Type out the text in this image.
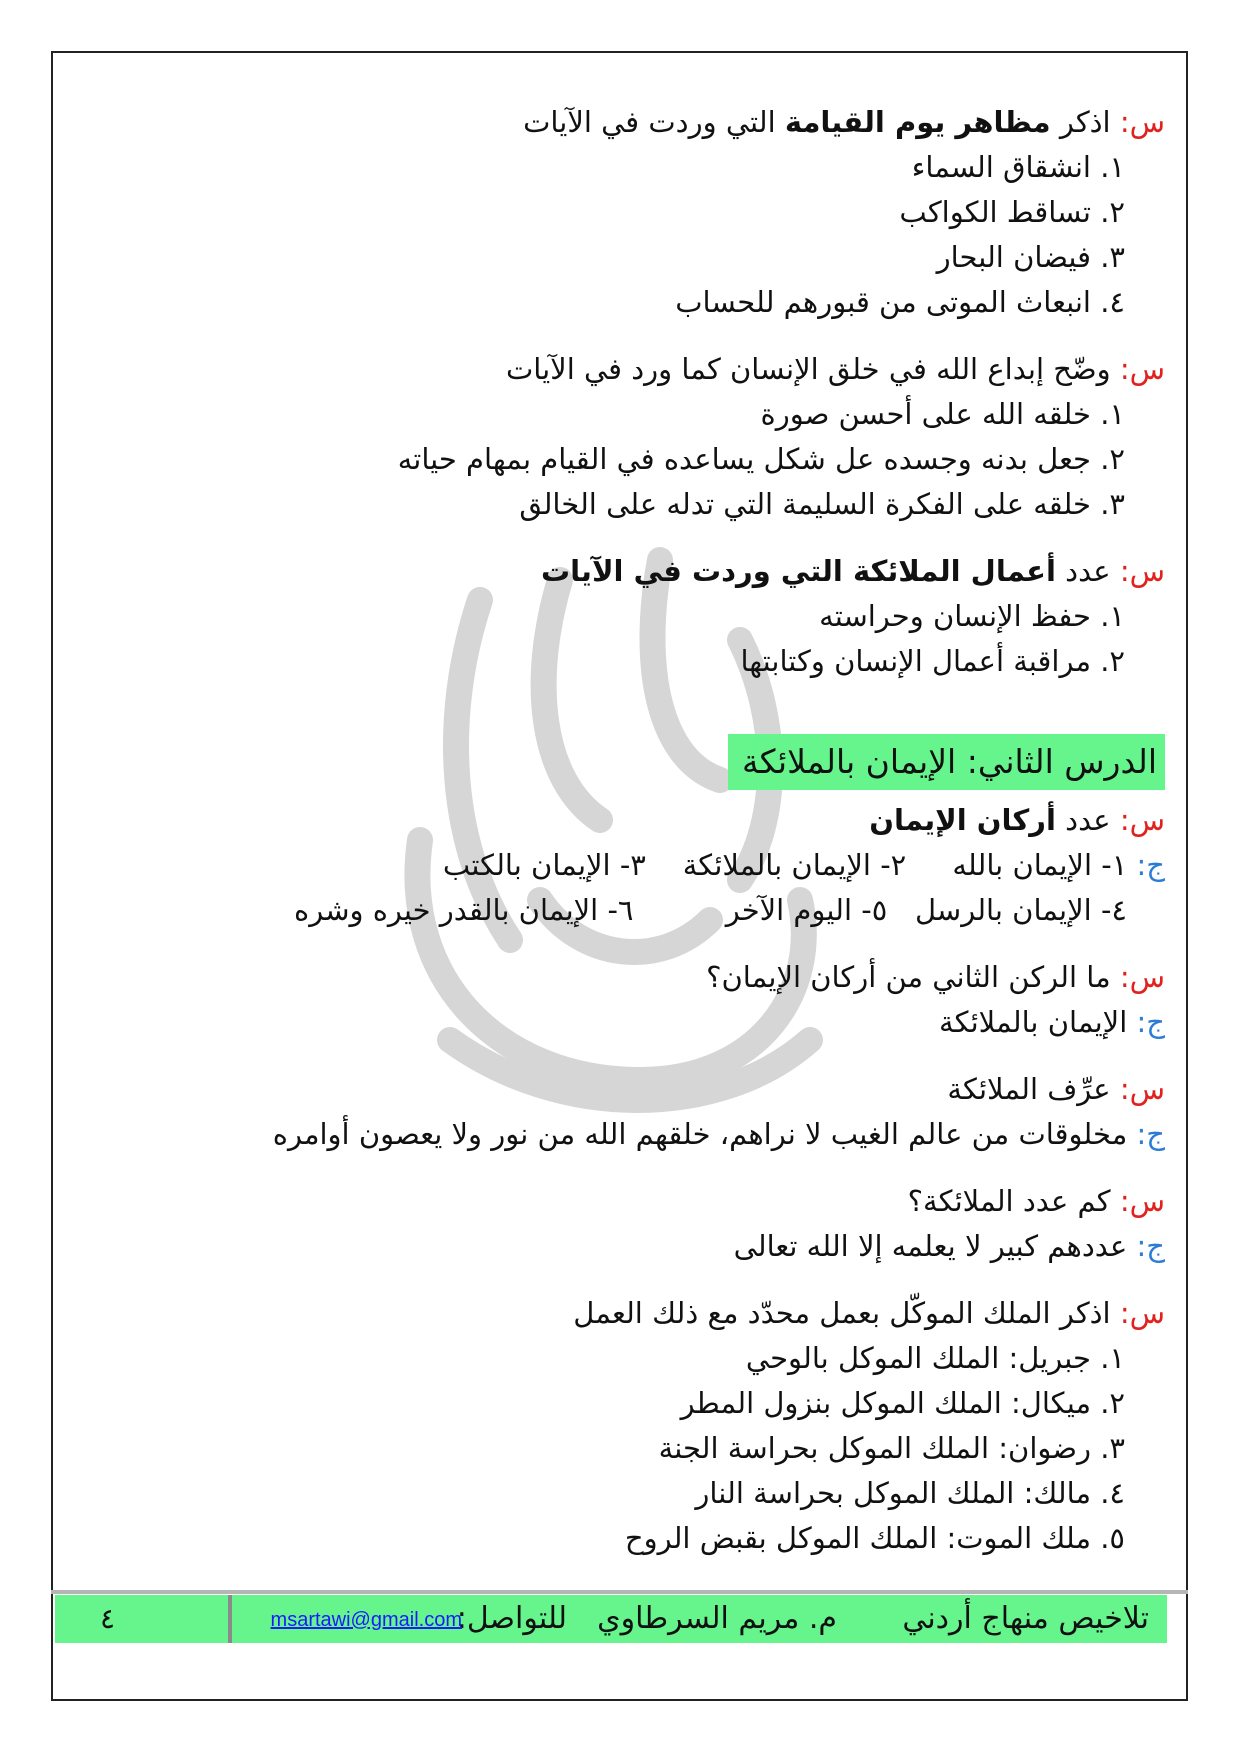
س: اذكر مظاهر يوم القيامة التي وردت في الآيات
١. انشقاق السماء
٢. تساقط الكواكب
٣. فيضان البحار
٤. انبعاث الموتى من قبورهم للحساب
س: وضّح إبداع الله في خلق الإنسان كما ورد في الآيات
١. خلقه الله على أحسن صورة
٢. جعل بدنه وجسده عل شكل يساعده في القيام بمهام حياته
٣. خلقه على الفكرة السليمة التي تدله على الخالق
س: عدد أعمال الملائكة التي وردت في الآيات
١. حفظ الإنسان وحراسته
٢. مراقبة أعمال الإنسان وكتابتها
الدرس الثاني: الإيمان بالملائكة
س: عدد أركان الإيمان
ج: ١- الإيمان بالله     ٢- الإيمان بالملائكة    ٣- الإيمان بالكتب
٤- الإيمان بالرسل   ٥- اليوم الآخر          ٦- الإيمان بالقدر خيره وشره
س: ما الركن الثاني من أركان الإيمان؟
ج: الإيمان بالملائكة
س: عرِّف الملائكة
ج: مخلوقات من عالم الغيب لا نراهم، خلقهم الله من نور ولا يعصون أوامره
س: كم عدد الملائكة؟
ج: عددهم كبير لا يعلمه إلا الله تعالى
س: اذكر الملك الموكّل بعمل محدّد مع ذلك العمل
١. جبريل: الملك الموكل بالوحي
٢. ميكال: الملك الموكل بنزول المطر
٣. رضوان: الملك الموكل بحراسة الجنة
٤. مالك: الملك الموكل بحراسة النار
٥. ملك الموت: الملك الموكل بقبض الروح
تلاخيص منهاج أردني
م. مريم السرطاوي
للتواصل:
msartawi@gmail.com
٤
